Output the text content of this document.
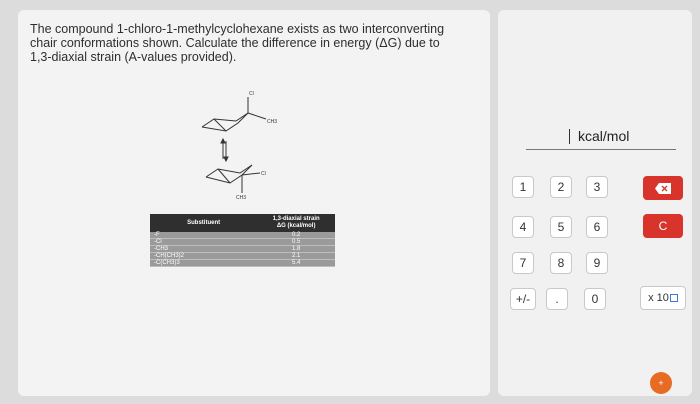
The compound 1-chloro-1-methylcyclohexane exists as two interconverting chair conformations shown. Calculate the difference in energy (ΔG) due to 1,3-diaxial strain (A-values provided).
Cl
CH3
Cl
CH3
Substituent	1,3-diaxial strain
ΔG (kcal/mol)

-F	0.2
-Cl	0.5
-CH3	1.8
-CH(CH3)2	2.1
-C(CH3)3	5.4
kcal/mol
1	2	3
4	5	6
7	8	9
+/-	.	0
C
x 10
+
